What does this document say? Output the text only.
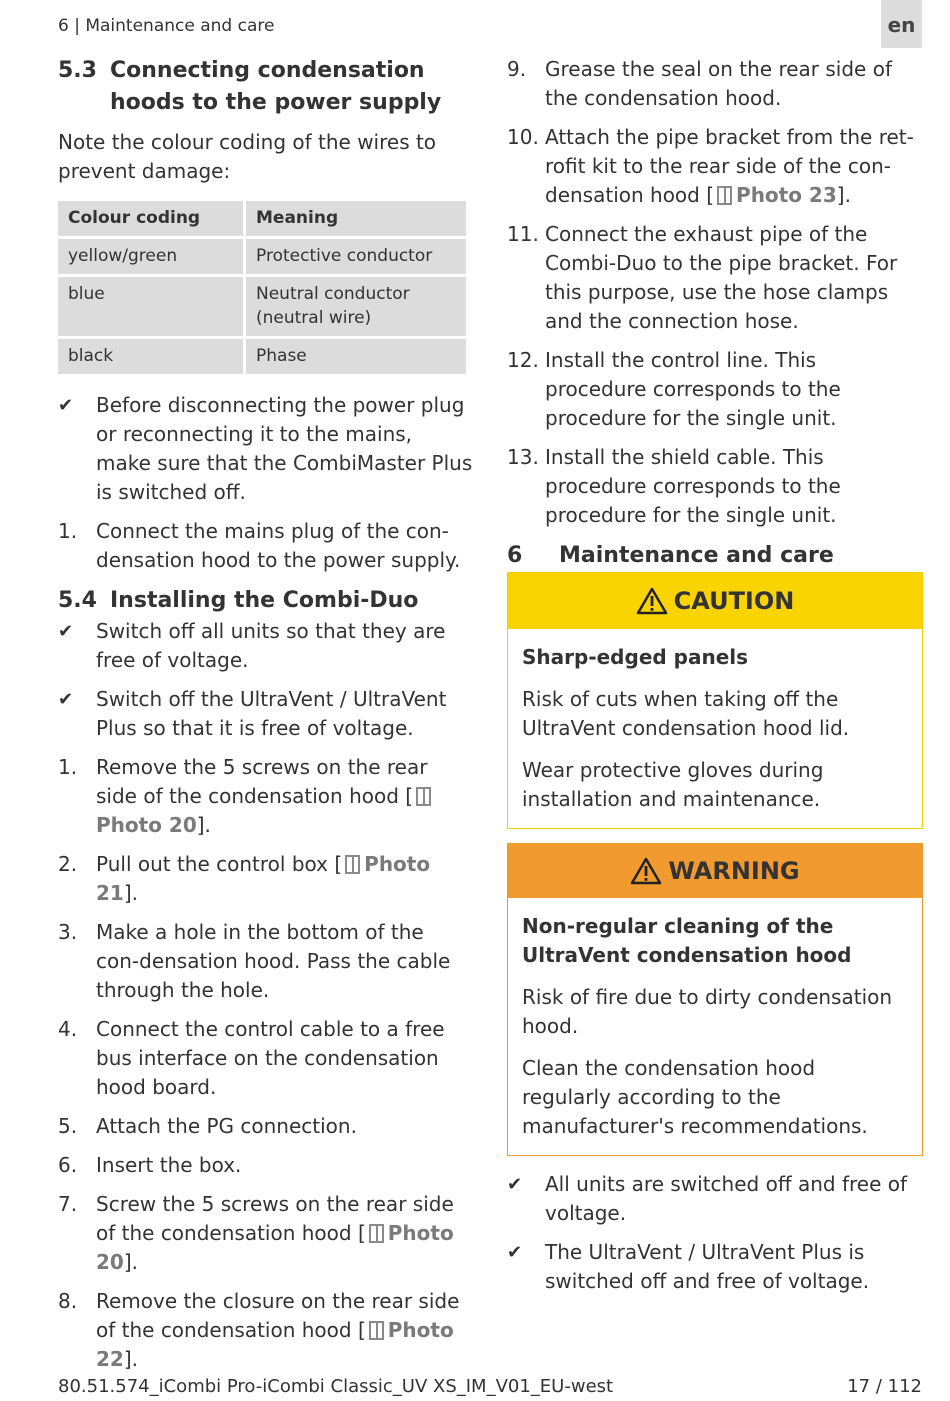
6 | Maintenance and care	en
5.3 Connecting condensation hoods to the power supply

Note the colour coding of the wires to prevent damage:

Colour coding	Meaning
yellow/green	Protective conductor
blue	Neutral conductor (neutral wire)
black	Phase
✔	Before disconnecting the power plug or reconnecting it to the mains, make sure that the CombiMaster Plus is switched off.
1. Connect the mains plug of the con-densation hood to the power supply.
5.4 Installing the Combi-Duo
✔	Switch off all units so that they are free of voltage.
✔	Switch off the UltraVent / UltraVent Plus so that it is free of voltage.
1. Remove the 5 screws on the rear side of the condensation hood [Photo 20].
2. Pull out the control box [ Photo 21].
3. Make a hole in the bottom of the con-densation hood. Pass the cable through the hole.
4. Connect the control cable to a free bus interface on the condensation hood board.
5. Attach the PG connection.
6. Insert the box.
7. Screw the 5 screws on the rear side of the condensation hood [ Photo 20].
8. Remove the closure on the rear side of the condensation hood [ Photo 22].
9. Grease the seal on the rear side of the condensation hood.
10. Attach the pipe bracket from the ret-rofit kit to the rear side of the con-densation hood [ Photo 23].
11. Connect the exhaust pipe of the Combi-Duo to the pipe bracket. For this purpose, use the hose clamps and the connection hose.
12. Install the control line. This procedure corresponds to the procedure for the single unit.
13. Install the shield cable. This procedure corresponds to the procedure for the single unit.
6	Maintenance and care
CAUTION

Sharp-edged panels

Risk of cuts when taking off the UltraVent condensation hood lid.

Wear protective gloves during installation and maintenance.

WARNING

Non-regular cleaning of the UltraVent condensation hood

Risk of fire due to dirty condensation hood.

Clean the condensation hood regularly according to the manufacturer's recommendations.

✔	All units are switched off and free of voltage.
✔	The UltraVent / UltraVent Plus is switched off and free of voltage.
80.51.574_iCombi Pro-iCombi Classic_UV XS_IM_V01_EU-west	17 / 112
